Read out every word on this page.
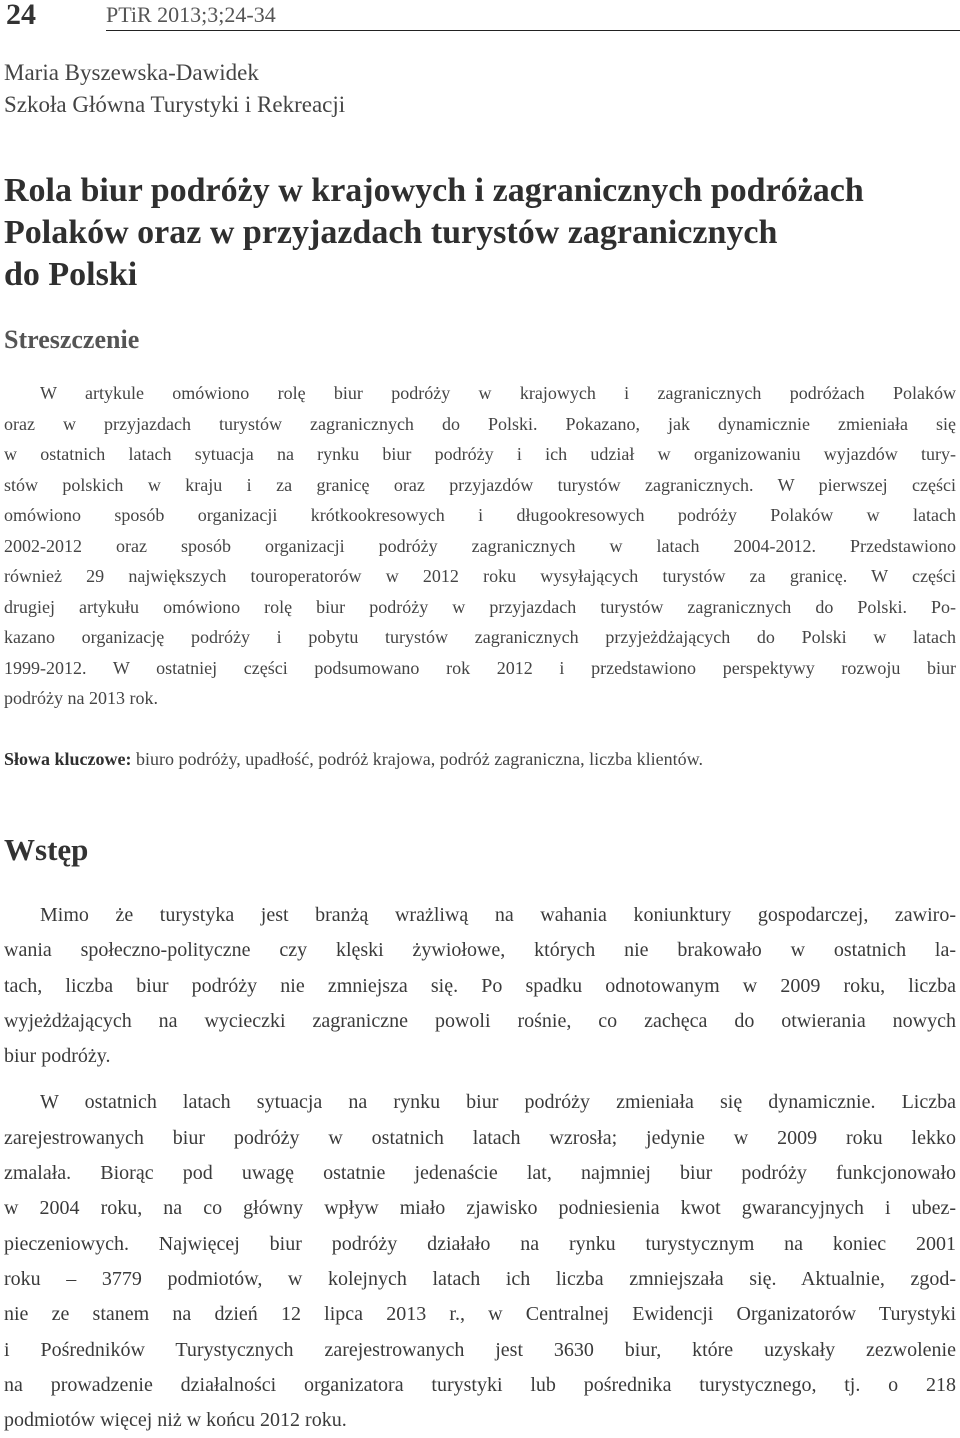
24	PTiR 2013;3;24-34
Maria Byszewska-Dawidek
Szkoła Główna Turystyki i Rekreacji
Rola biur podróży w krajowych i zagranicznych podróżach
Polaków oraz w przyjazdach turystów zagranicznych
do Polski
Streszczenie
W artykule omówiono rolę biur podróży w krajowych i zagranicznych podróżach Polaków
oraz w przyjazdach turystów zagranicznych do Polski. Pokazano, jak dynamicznie zmieniała się
w ostatnich latach sytuacja na rynku biur podróży i ich udział w organizowaniu wyjazdów tury-
stów polskich w kraju i za granicę oraz przyjazdów turystów zagranicznych. W pierwszej części
omówiono sposób organizacji krótkookresowych i długookresowych podróży Polaków w latach
2002-2012 oraz sposób organizacji podróży zagranicznych w latach 2004-2012. Przedstawiono
również 29 największych touroperatorów w 2012 roku wysyłających turystów za granicę. W części
drugiej artykułu omówiono rolę biur podróży w przyjazdach turystów zagranicznych do Polski. Po-
kazano organizację podróży i pobytu turystów zagranicznych przyjeżdżających do Polski w latach
1999-2012. W ostatniej części podsumowano rok 2012 i przedstawiono perspektywy rozwoju biur
podróży na 2013 rok.
Słowa kluczowe: biuro podróży, upadłość, podróż krajowa, podróż zagraniczna, liczba klientów.
Wstęp
Mimo że turystyka jest branżą wrażliwą na wahania koniunktury gospodarczej, zawiro-
wania społeczno-polityczne czy klęski żywiołowe, których nie brakowało w ostatnich la-
tach, liczba biur podróży nie zmniejsza się. Po spadku odnotowanym w 2009 roku, liczba
wyjeżdżających na wycieczki zagraniczne powoli rośnie, co zachęca do otwierania nowych
biur podróży.
W ostatnich latach sytuacja na rynku biur podróży zmieniała się dynamicznie. Liczba
zarejestrowanych biur podróży w ostatnich latach wzrosła; jedynie w 2009 roku lekko
zmalała. Biorąc pod uwagę ostatnie jedenaście lat, najmniej biur podróży funkcjonowało
w 2004 roku, na co główny wpływ miało zjawisko podniesienia kwot gwarancyjnych i ubez-
pieczeniowych. Najwięcej biur podróży działało na rynku turystycznym na koniec 2001
roku – 3779 podmiotów, w kolejnych latach ich liczba zmniejszała się. Aktualnie, zgod-
nie ze stanem na dzień 12 lipca 2013 r., w Centralnej Ewidencji Organizatorów Turystyki
i Pośredników Turystycznych zarejestrowanych jest 3630 biur, które uzyskały zezwolenie
na prowadzenie działalności organizatora turystyki lub pośrednika turystycznego, tj. o 218
podmiotów więcej niż w końcu 2012 roku.
